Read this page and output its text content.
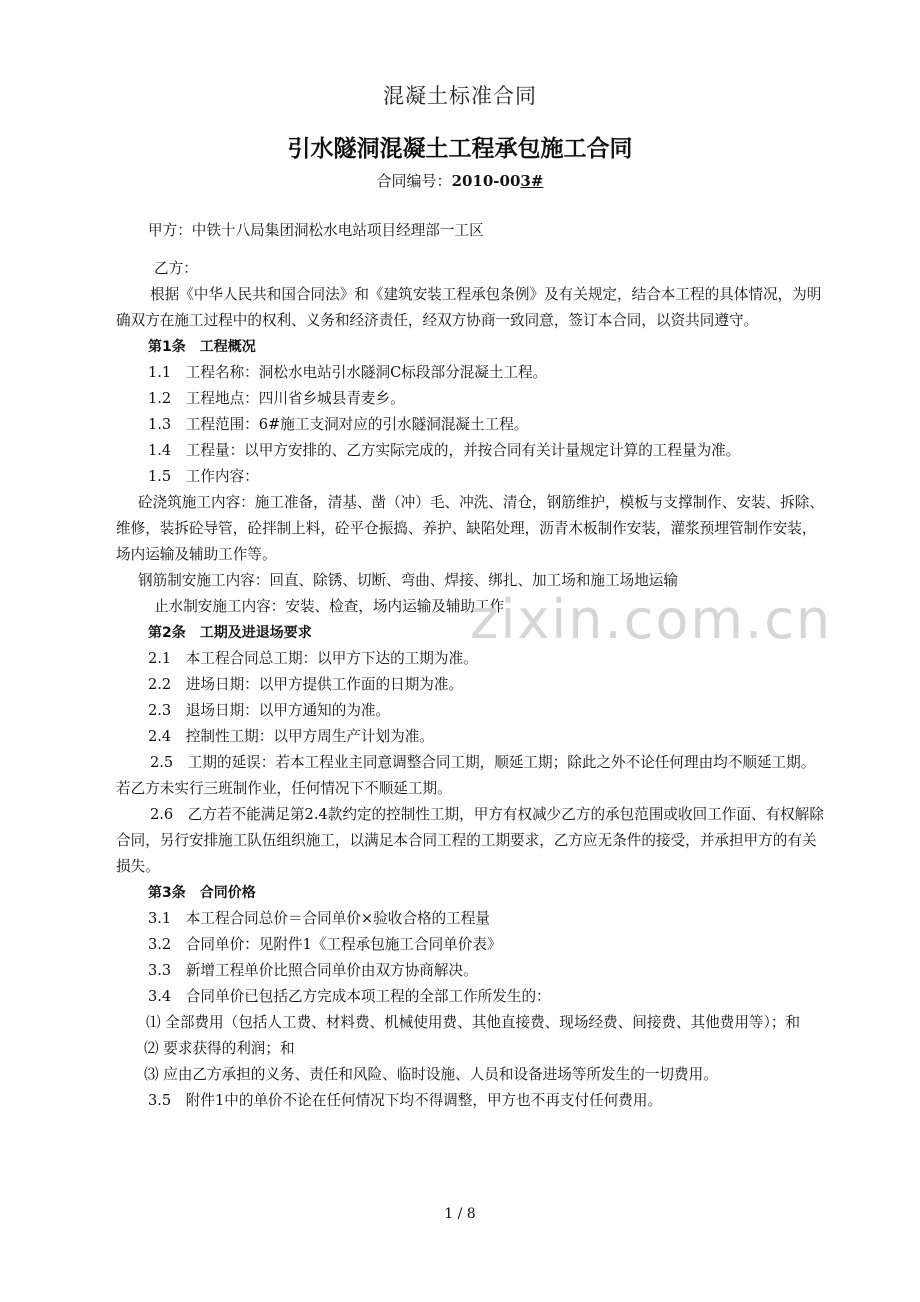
混凝土标准合同
引水隧洞混凝土工程承包施工合同
合同编号：2010-003#

甲方：中铁十八局集团洞松水电站项目经理部一工区

乙方：

根据《中华人民共和国合同法》和《建筑安装工程承包条例》及有关规定，结合本工程的具体情况，为明确双方在施工过程中的权利、义务和经济责任，经双方协商一致同意，签订本合同，以资共同遵守。

第1条　工程概况

1.1　工程名称：洞松水电站引水隧洞C标段部分混凝土工程。

1.2　工程地点：四川省乡城县青麦乡。

1.3　工程范围：6#施工支洞对应的引水隧洞混凝土工程。

1.4　工程量：以甲方安排的、乙方实际完成的，并按合同有关计量规定计算的工程量为准。

1.5　工作内容：

砼浇筑施工内容：施工准备，清基、凿（冲）毛、冲洗、清仓，钢筋维护，模板与支撑制作、安装、拆除、维修，装拆砼导管，砼拌制上料，砼平仓振捣、养护、缺陷处理，沥青木板制作安装，灌浆预埋管制作安装，场内运输及辅助工作等。

钢筋制安施工内容：回直、除锈、切断、弯曲、焊接、绑扎、加工场和施工场地运输

止水制安施工内容：安装、检查，场内运输及辅助工作

第2条　工期及进退场要求

2.1　本工程合同总工期：以甲方下达的工期为准。

2.2　进场日期：以甲方提供工作面的日期为准。

2.3　退场日期：以甲方通知的为准。

2.4　控制性工期：以甲方周生产计划为准。

2.5　工期的延误：若本工程业主同意调整合同工期，顺延工期；除此之外不论任何理由均不顺延工期。若乙方未实行三班制作业，任何情况下不顺延工期。

2.6　乙方若不能满足第2.4款约定的控制性工期，甲方有权减少乙方的承包范围或收回工作面、有权解除合同，另行安排施工队伍组织施工，以满足本合同工程的工期要求，乙方应无条件的接受，并承担甲方的有关损失。

第3条　合同价格

3.1　本工程合同总价＝合同单价×验收合格的工程量

3.2　合同单价：见附件1《工程承包施工合同单价表》

3.3　新增工程单价比照合同单价由双方协商解决。

3.4　合同单价已包括乙方完成本项工程的全部工作所发生的：

⑴ 全部费用（包括人工费、材料费、机械使用费、其他直接费、现场经费、间接费、其他费用等）；和

⑵ 要求获得的利润；和

⑶ 应由乙方承担的义务、责任和风险、临时设施、人员和设备进场等所发生的一切费用。

3.5　附件1中的单价不论在任何情况下均不得调整，甲方也不再支付任何费用。

zixin.com.cn
1 / 8
